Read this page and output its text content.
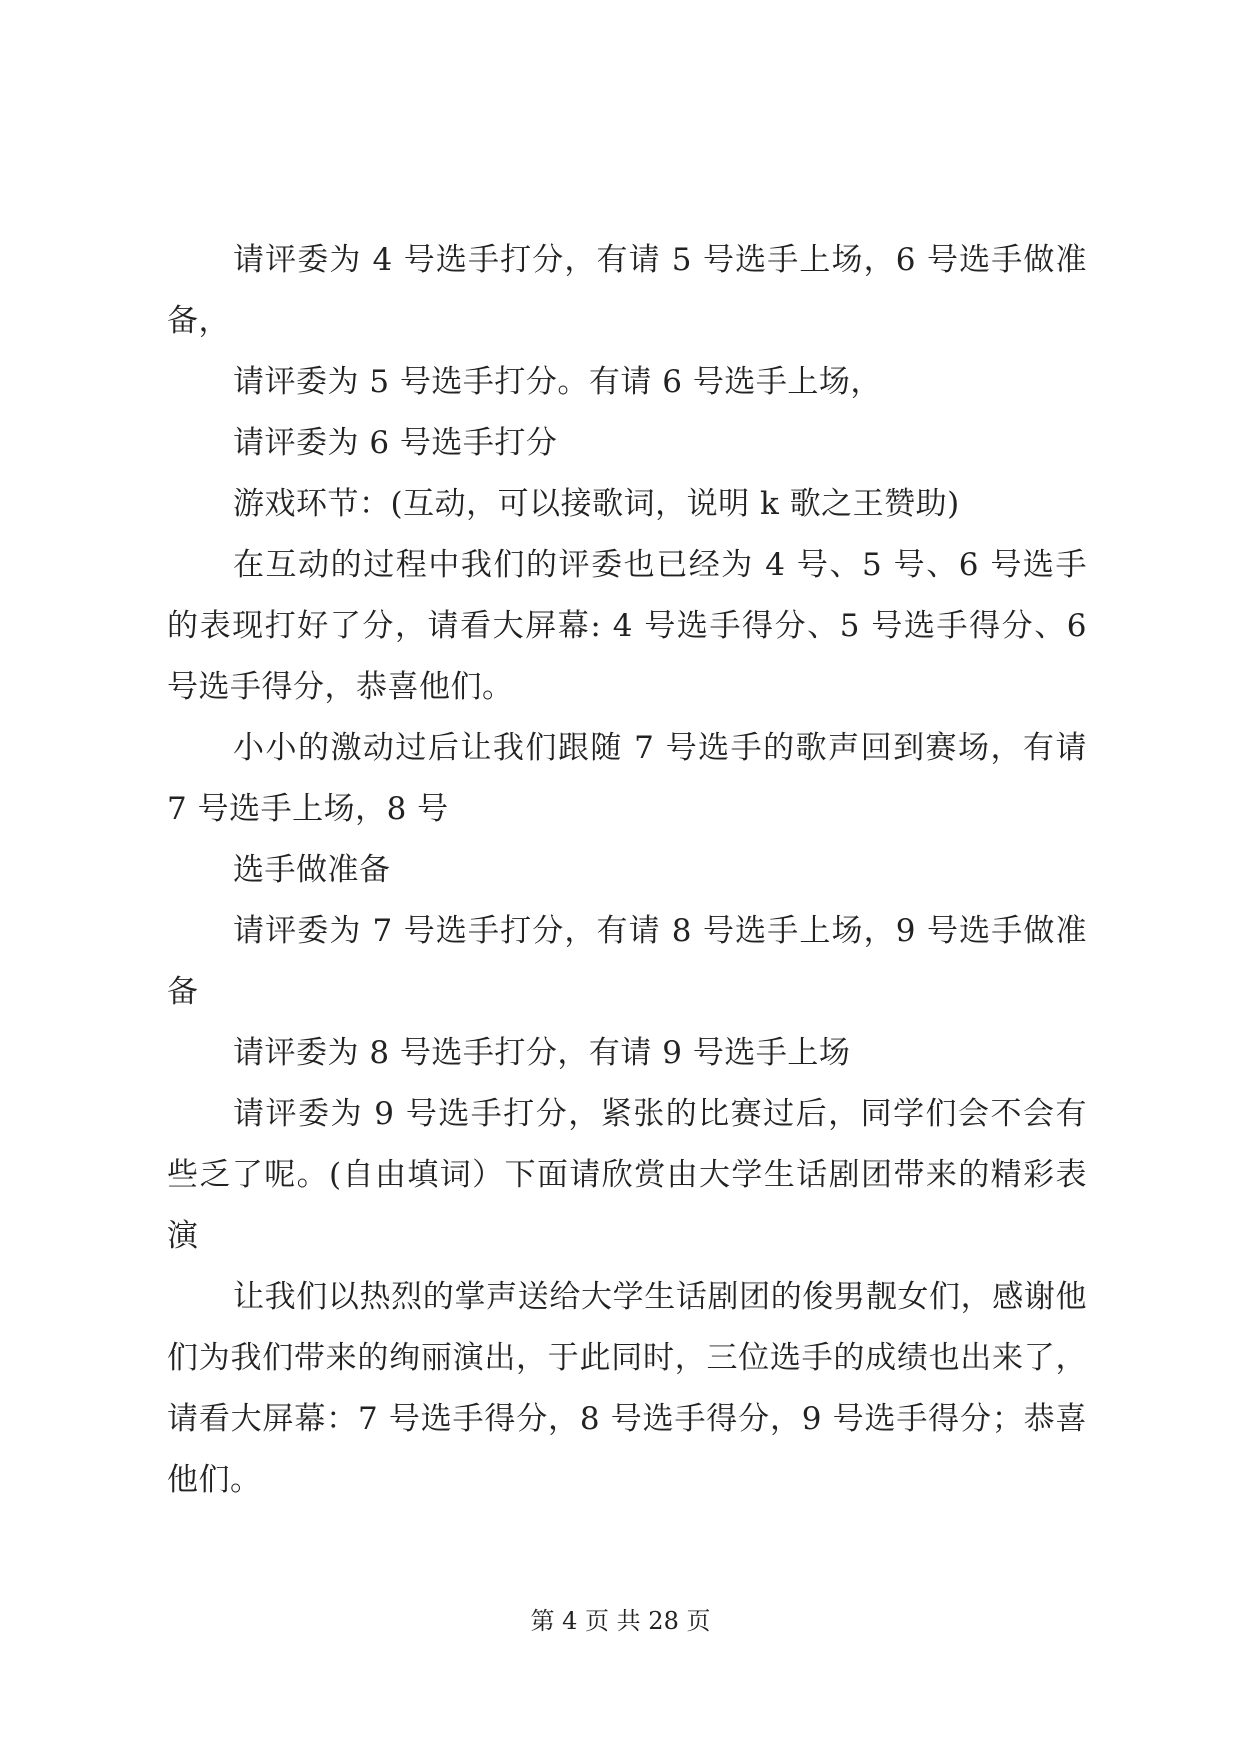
请评委为 4 号选手打分，有请 5 号选手上场，6 号选手做准备，

请评委为 5 号选手打分。有请 6 号选手上场，

请评委为 6 号选手打分

游戏环节：(互动，可以接歌词，说明 k 歌之王赞助)

在互动的过程中我们的评委也已经为 4 号、5 号、6 号选手的表现打好了分，请看大屏幕: 4 号选手得分、5 号选手得分、6 号选手得分，恭喜他们。

小小的激动过后让我们跟随 7 号选手的歌声回到赛场，有请 7 号选手上场，8 号

选手做准备

请评委为 7 号选手打分，有请 8 号选手上场，9 号选手做准备

请评委为 8 号选手打分，有请 9 号选手上场

请评委为 9 号选手打分，紧张的比赛过后，同学们会不会有些乏了呢。(自由填词）下面请欣赏由大学生话剧团带来的精彩表演

让我们以热烈的掌声送给大学生话剧团的俊男靓女们，感谢他们为我们带来的绚丽演出，于此同时，三位选手的成绩也出来了，请看大屏幕：7 号选手得分，8 号选手得分，9 号选手得分；恭喜他们。

第 4 页 共 28 页
